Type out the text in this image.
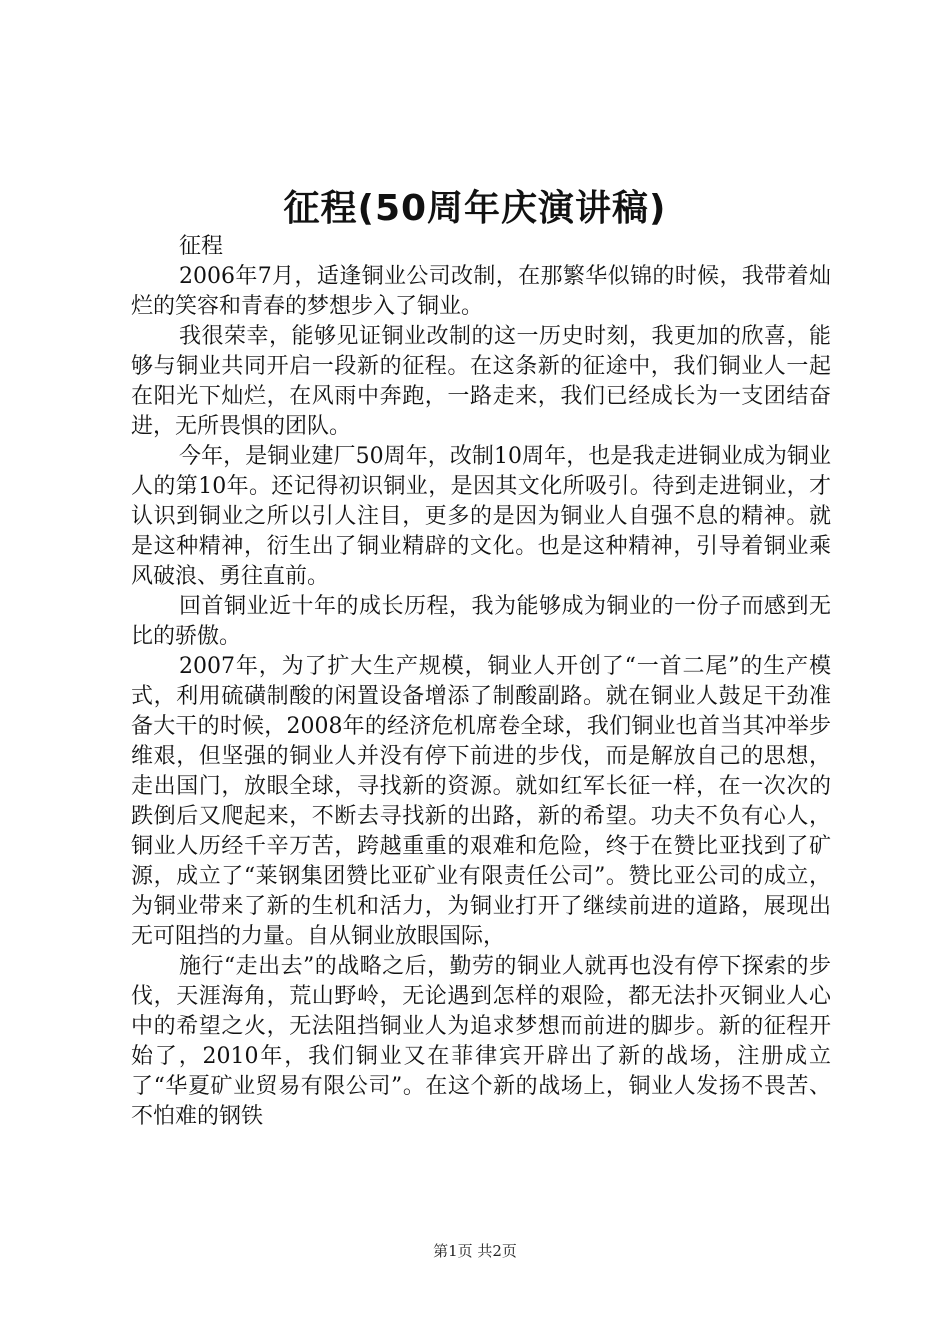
征程(50周年庆演讲稿)

征程

2006年7月，适逢铜业公司改制，在那繁华似锦的时候，我带着灿烂的笑容和青春的梦想步入了铜业。

我很荣幸，能够见证铜业改制的这一历史时刻，我更加的欣喜，能够与铜业共同开启一段新的征程。在这条新的征途中，我们铜业人一起在阳光下灿烂，在风雨中奔跑，一路走来，我们已经成长为一支团结奋进，无所畏惧的团队。

今年，是铜业建厂50周年，改制10周年，也是我走进铜业成为铜业人的第10年。还记得初识铜业，是因其文化所吸引。待到走进铜业，才认识到铜业之所以引人注目，更多的是因为铜业人自强不息的精神。就是这种精神，衍生出了铜业精辟的文化。也是这种精神，引导着铜业乘风破浪、勇往直前。

回首铜业近十年的成长历程，我为能够成为铜业的一份子而感到无比的骄傲。

2007年，为了扩大生产规模，铜业人开创了“一首二尾”的生产模式，利用硫磺制酸的闲置设备增添了制酸副路。就在铜业人鼓足干劲准备大干的时候，2008年的经济危机席卷全球，我们铜业也首当其冲举步维艰，但坚强的铜业人并没有停下前进的步伐，而是解放自己的思想，走出国门，放眼全球，寻找新的资源。就如红军长征一样，在一次次的跌倒后又爬起来，不断去寻找新的出路，新的希望。功夫不负有心人，铜业人历经千辛万苦，跨越重重的艰难和危险，终于在赞比亚找到了矿源，成立了“莱钢集团赞比亚矿业有限责任公司”。赞比亚公司的成立，为铜业带来了新的生机和活力，为铜业打开了继续前进的道路，展现出无可阻挡的力量。自从铜业放眼国际，

施行“走出去”的战略之后，勤劳的铜业人就再也没有停下探索的步伐，天涯海角，荒山野岭，无论遇到怎样的艰险，都无法扑灭铜业人心中的希望之火，无法阻挡铜业人为追求梦想而前进的脚步。新的征程开始了，2010年，我们铜业又在菲律宾开辟出了新的战场，注册成立了“华夏矿业贸易有限公司”。在这个新的战场上，铜业人发扬不畏苦、不怕难的钢铁

第1页 共2页
